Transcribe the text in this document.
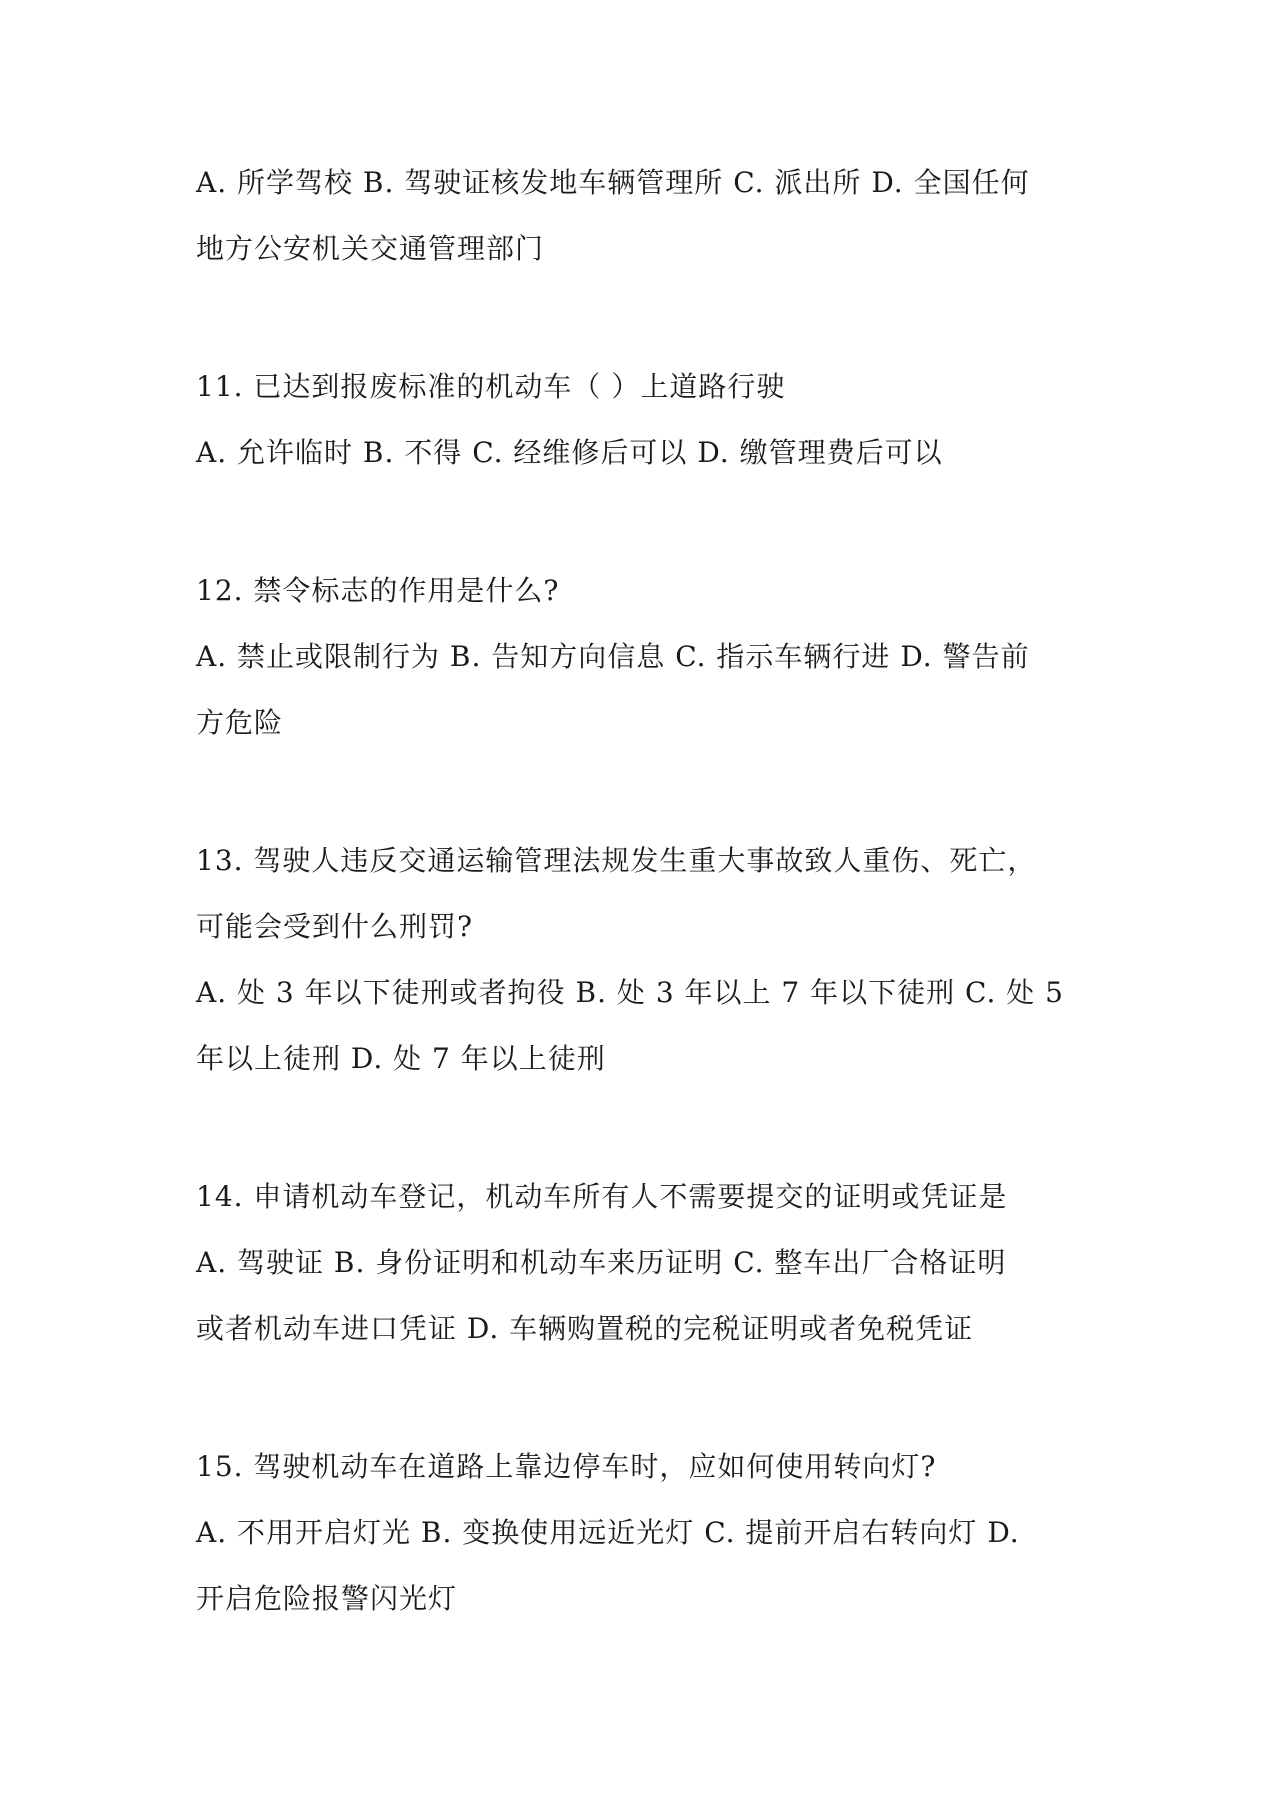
A. 所学驾校 B. 驾驶证核发地车辆管理所 C. 派出所 D. 全国任何
地方公安机关交通管理部门
11. 已达到报废标准的机动车（ ）上道路行驶
A. 允许临时 B. 不得 C. 经维修后可以 D. 缴管理费后可以
12. 禁令标志的作用是什么?
A. 禁止或限制行为 B. 告知方向信息 C. 指示车辆行进 D. 警告前
方危险
13. 驾驶人违反交通运输管理法规发生重大事故致人重伤、死亡，
可能会受到什么刑罚?
A. 处 3 年以下徒刑或者拘役 B. 处 3 年以上 7 年以下徒刑 C. 处 5
年以上徒刑 D. 处 7 年以上徒刑
14. 申请机动车登记，机动车所有人不需要提交的证明或凭证是
A. 驾驶证 B. 身份证明和机动车来历证明 C. 整车出厂合格证明
或者机动车进口凭证 D. 车辆购置税的完税证明或者免税凭证
15. 驾驶机动车在道路上靠边停车时，应如何使用转向灯?
A. 不用开启灯光 B. 变换使用远近光灯 C. 提前开启右转向灯 D.
开启危险报警闪光灯
